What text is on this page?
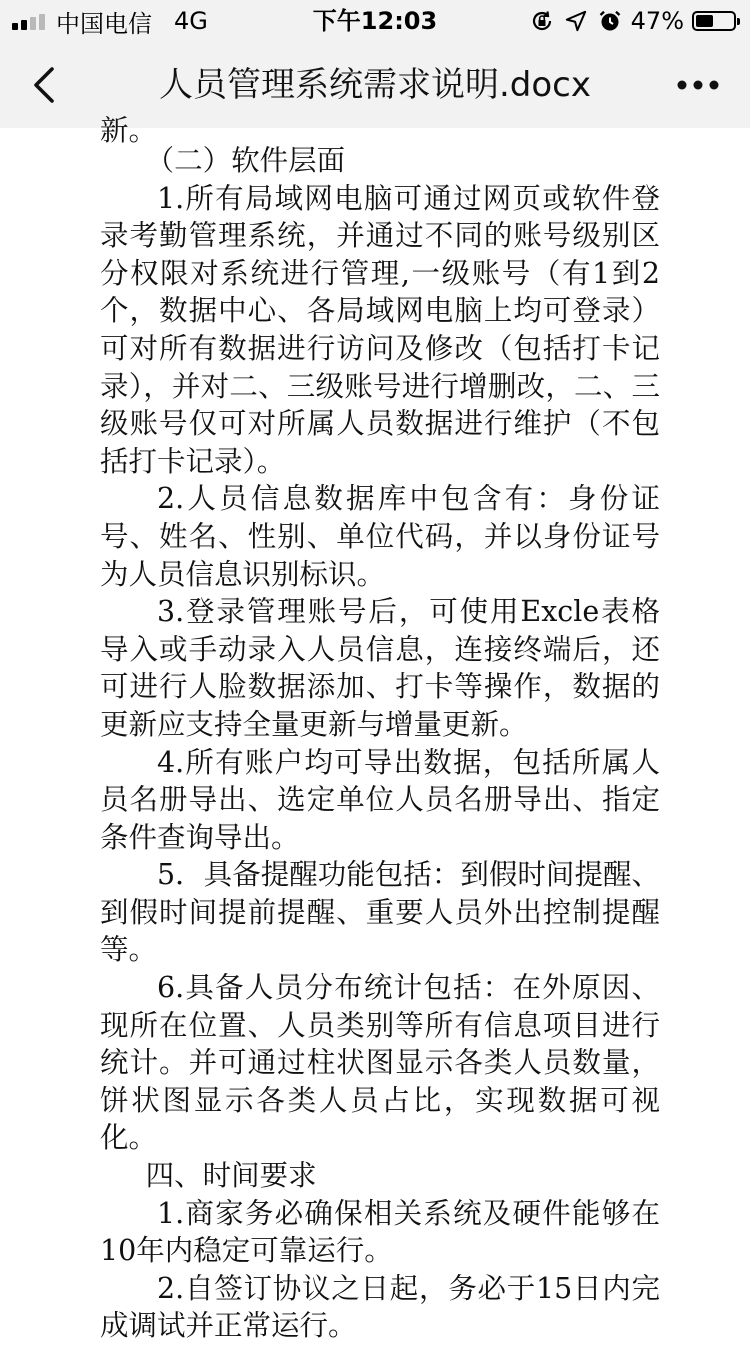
中国电信 4G	下午12:03	47%
人员管理系统需求说明.docx

新。

（二）软件层面

1.所有局域网电脑可通过网页或软件登录考勤管理系统，并通过不同的账号级别区分权限对系统进行管理,一级账号（有1到2个，数据中心、各局域网电脑上均可登录）可对所有数据进行访问及修改（包括打卡记录），并对二、三级账号进行增删改，二、三级账号仅可对所属人员数据进行维护（不包括打卡记录）。

2.人员信息数据库中包含有：身份证号、姓名、性别、单位代码，并以身份证号为人员信息识别标识。

3.登录管理账号后，可使用Excle表格导入或手动录入人员信息，连接终端后，还可进行人脸数据添加、打卡等操作，数据的更新应支持全量更新与增量更新。

4.所有账户均可导出数据，包括所属人员名册导出、选定单位人员名册导出、指定条件查询导出。

5．具备提醒功能包括：到假时间提醒、到假时间提前提醒、重要人员外出控制提醒等。

6.具备人员分布统计包括：在外原因、现所在位置、人员类别等所有信息项目进行统计。并可通过柱状图显示各类人员数量，饼状图显示各类人员占比，实现数据可视化。

四、时间要求

1.商家务必确保相关系统及硬件能够在10年内稳定可靠运行。

2.自签订协议之日起，务必于15日内完成调试并正常运行。
